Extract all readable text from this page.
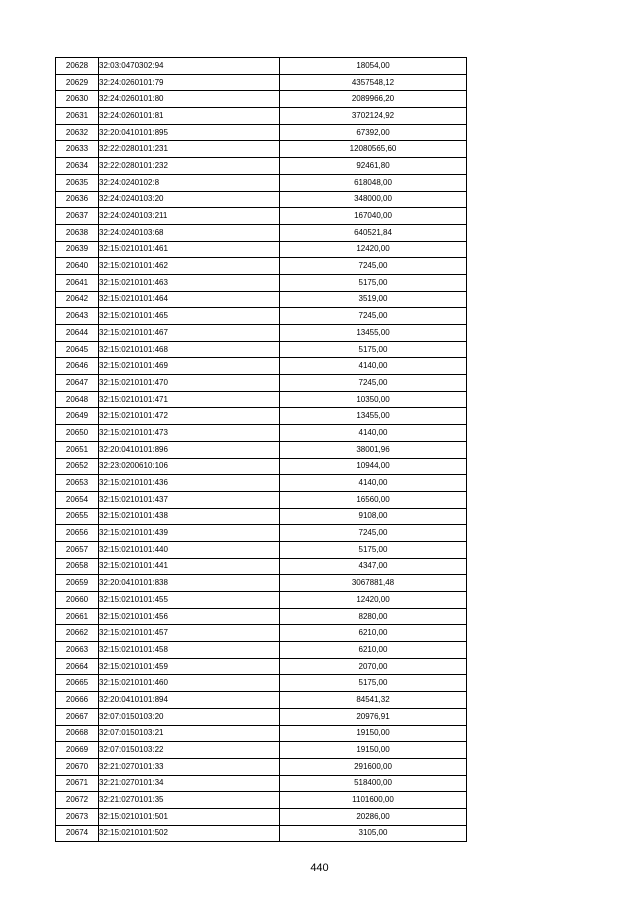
20628	32:03:0470302:94	18054,00
20629	32:24:0260101:79	4357548,12
20630	32:24:0260101:80	2089966,20
20631	32:24:0260101:81	3702124,92
20632	32:20:0410101:895	67392,00
20633	32:22:0280101:231	12080565,60
20634	32:22:0280101:232	92461,80
20635	32:24:0240102:8	618048,00
20636	32:24:0240103:20	348000,00
20637	32:24:0240103:211	167040,00
20638	32:24:0240103:68	640521,84
20639	32:15:0210101:461	12420,00
20640	32:15:0210101:462	7245,00
20641	32:15:0210101:463	5175,00
20642	32:15:0210101:464	3519,00
20643	32:15:0210101:465	7245,00
20644	32:15:0210101:467	13455,00
20645	32:15:0210101:468	5175,00
20646	32:15:0210101:469	4140,00
20647	32:15:0210101:470	7245,00
20648	32:15:0210101:471	10350,00
20649	32:15:0210101:472	13455,00
20650	32:15:0210101:473	4140,00
20651	32:20:0410101:896	38001,96
20652	32:23:0200610:106	10944,00
20653	32:15:0210101:436	4140,00
20654	32:15:0210101:437	16560,00
20655	32:15:0210101:438	9108,00
20656	32:15:0210101:439	7245,00
20657	32:15:0210101:440	5175,00
20658	32:15:0210101:441	4347,00
20659	32:20:0410101:838	3067881,48
20660	32:15:0210101:455	12420,00
20661	32:15:0210101:456	8280,00
20662	32:15:0210101:457	6210,00
20663	32:15:0210101:458	6210,00
20664	32:15:0210101:459	2070,00
20665	32:15:0210101:460	5175,00
20666	32:20:0410101:894	84541,32
20667	32:07:0150103:20	20976,91
20668	32:07:0150103:21	19150,00
20669	32:07:0150103:22	19150,00
20670	32:21:0270101:33	291600,00
20671	32:21:0270101:34	518400,00
20672	32:21:0270101:35	1101600,00
20673	32:15:0210101:501	20286,00
20674	32:15:0210101:502	3105,00
440
